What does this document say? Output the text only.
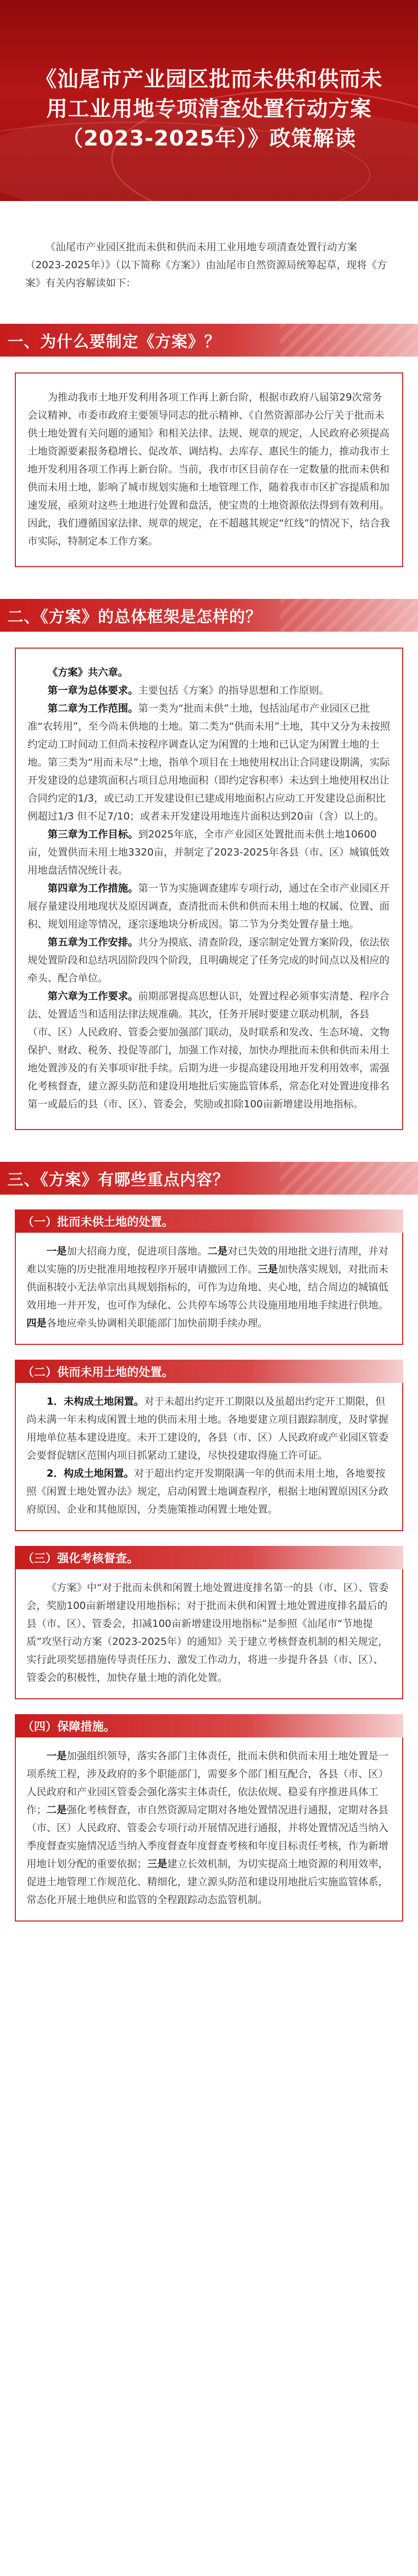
《汕尾市产业园区批而未供和供而未用工业用地专项清查处置行动方案（2023-2025年）》政策解读

《汕尾市产业园区批而未供和供而未用工业用地专项清查处置行动方案（2023-2025年）》（以下简称《方案》）由汕尾市自然资源局统筹起草，现将《方案》有关内容解读如下：

一、为什么要制定《方案》？

为推动我市土地开发利用各项工作再上新台阶，根据市政府八届第29次常务会议精神、市委市政府主要领导同志的批示精神、《自然资源部办公厅关于批而未供土地处置有关问题的通知》和相关法律、法规、规章的规定，人民政府必须提高土地资源要素报务稳增长、促改革、调结构、去库存、惠民生的能力，推动我市土地开发利用各项工作再上新台阶。当前，我市市区目前存在一定数量的批而未供和供而未用土地，影响了城市规划实施和土地管理工作，随着我市市区扩容提质和加速发展，亟须对这些土地进行处置和盘活，使宝贵的土地资源依法得到有效利用。因此，我们遵循国家法律、规章的规定，在不超越其规定“红线”的情况下，结合我市实际，特制定本工作方案。

二、《方案》的总体框架是怎样的？

《方案》共六章。

第一章为总体要求。主要包括《方案》的指导思想和工作原则。

第二章为工作范围。第一类为“批而未供”土地，包括汕尾市产业园区已批准“农转用”，至今尚未供地的土地。第二类为“供而未用”土地，其中又分为未按照约定动工时间动工但尚未按程序调查认定为闲置的土地和已认定为闲置土地的土地。第三类为“用而未尽”土地，指单个项目在土地使用权出让合同建设期满，实际开发建设的总建筑面积占项目总用地面积（即约定容积率）未达到土地使用权出让合同约定的1/3，或已动工开发建设但已建成用地面积占应动工开发建设总面积比例超过1/3 但不足7/10；或者未开发建设用地连片面积达到20亩（含）以上的。

第三章为工作目标。到2025年底，全市产业园区处置批而未供土地10600亩，处置供而未用土地3320亩，并制定了2023-2025年各县（市、区）城镇低效用地盘活情况统计表。

第四章为工作措施。第一节为实施调查建库专项行动，通过在全市产业园区开展存量建设用地现状及原因调查，查清批而未供和供而未用土地的权属、位置、面积、规划用途等情况，逐宗逐地块分析成因。第二节为分类处置存量土地。

第五章为工作安排。共分为摸底、清查阶段，逐宗制定处置方案阶段，依法依规处置阶段和总结巩固阶段四个阶段，且明确规定了任务完成的时间点以及相应的牵头、配合单位。

第六章为工作要求。前期部署提高思想认识，处置过程必须事实清楚、程序合法、处置适当和适用法律法规准确。其次，任务开展时要建立联动机制，各县（市、区）人民政府、管委会要加强部门联动，及时联系和发改、生态环境、文物保护、财政、税务、投促等部门，加强工作对接，加快办理批而未供和供而未用土地处置涉及的有关事项审批手续。后期为进一步提高建设用地开发利用效率，需强化考核督查，建立源头防范和建设用地批后实施监管体系，常态化对处置进度排名第一或最后的县（市、区）、管委会，奖励或扣除100亩新增建设用地指标。

三、《方案》有哪些重点内容？
（一）批而未供土地的处置。

一是加大招商力度，促进项目落地。二是对已失效的用地批文进行清理，并对难以实施的历史批准用地按程序开展申请撤回工作。三是加快落实规划，对批而未供面积较小无法单宗出具规划指标的，可作为边角地、夹心地，结合周边的城镇低效用地一并开发，也可作为绿化、公共停车场等公共设施用地用地手续进行供地。四是各地应牵头协调相关职能部门加快前期手续办理。

（二）供而未用土地的处置。

1．未构成土地闲置。对于未超出约定开工期限以及虽超出约定开工期限，但尚未满一年未构成闲置土地的供而未用土地。各地要建立项目跟踪制度，及时掌握用地单位基本建设进度。未开工建设的，各县（市、区）人民政府或产业园区管委会要督促辖区范围内项目抓紧动工建设，尽快投建取得施工许可证。

2．构成土地闲置。对于超出约定开发期限满一年的供而未用土地，各地要按照《闲置土地处置办法》规定，启动闲置土地调查程序，根据土地闲置原因区分政府原因、企业和其他原因，分类施策推动闲置土地处置。

（三）强化考核督查。

《方案》中“对于批而未供和闲置土地处置进度排名第一的县（市、区）、管委会，奖励100亩新增建设用地指标；对于批而未供和闲置土地处置进度排名最后的县（市、区）、管委会，扣减100亩新增建设用地指标”是参照《汕尾市“节地提质”攻坚行动方案（2023-2025年）的通知》关于建立考核督查机制的相关规定，实行此项奖惩措施传导责任压力、激发工作动力，将进一步提升各县（市、区）、管委会的积极性，加快存量土地的消化处置。

（四）保障措施。

一是加强组织领导，落实各部门主体责任，批而未供和供而未用土地处置是一项系统工程，涉及政府的多个职能部门，需要多个部门相互配合，各县（市、区）人民政府和产业园区管委会强化落实主体责任，依法依规、稳妥有序推进具体工作；二是强化考核督查，市自然资源局定期对各地处置情况进行通报，定期对各县（市、区）人民政府、管委会专项行动开展情况进行通报，并将处置情况适当纳入季度督查实施情况适当纳入季度督查年度督查考核和年度目标责任考核，作为新增用地计划分配的重要依据；三是建立长效机制，为切实提高土地资源的利用效率，促进土地管理工作规范化、精细化，建立源头防范和建设用地批后实施监管体系，常态化开展土地供应和监管的全程跟踪动态监管机制。
